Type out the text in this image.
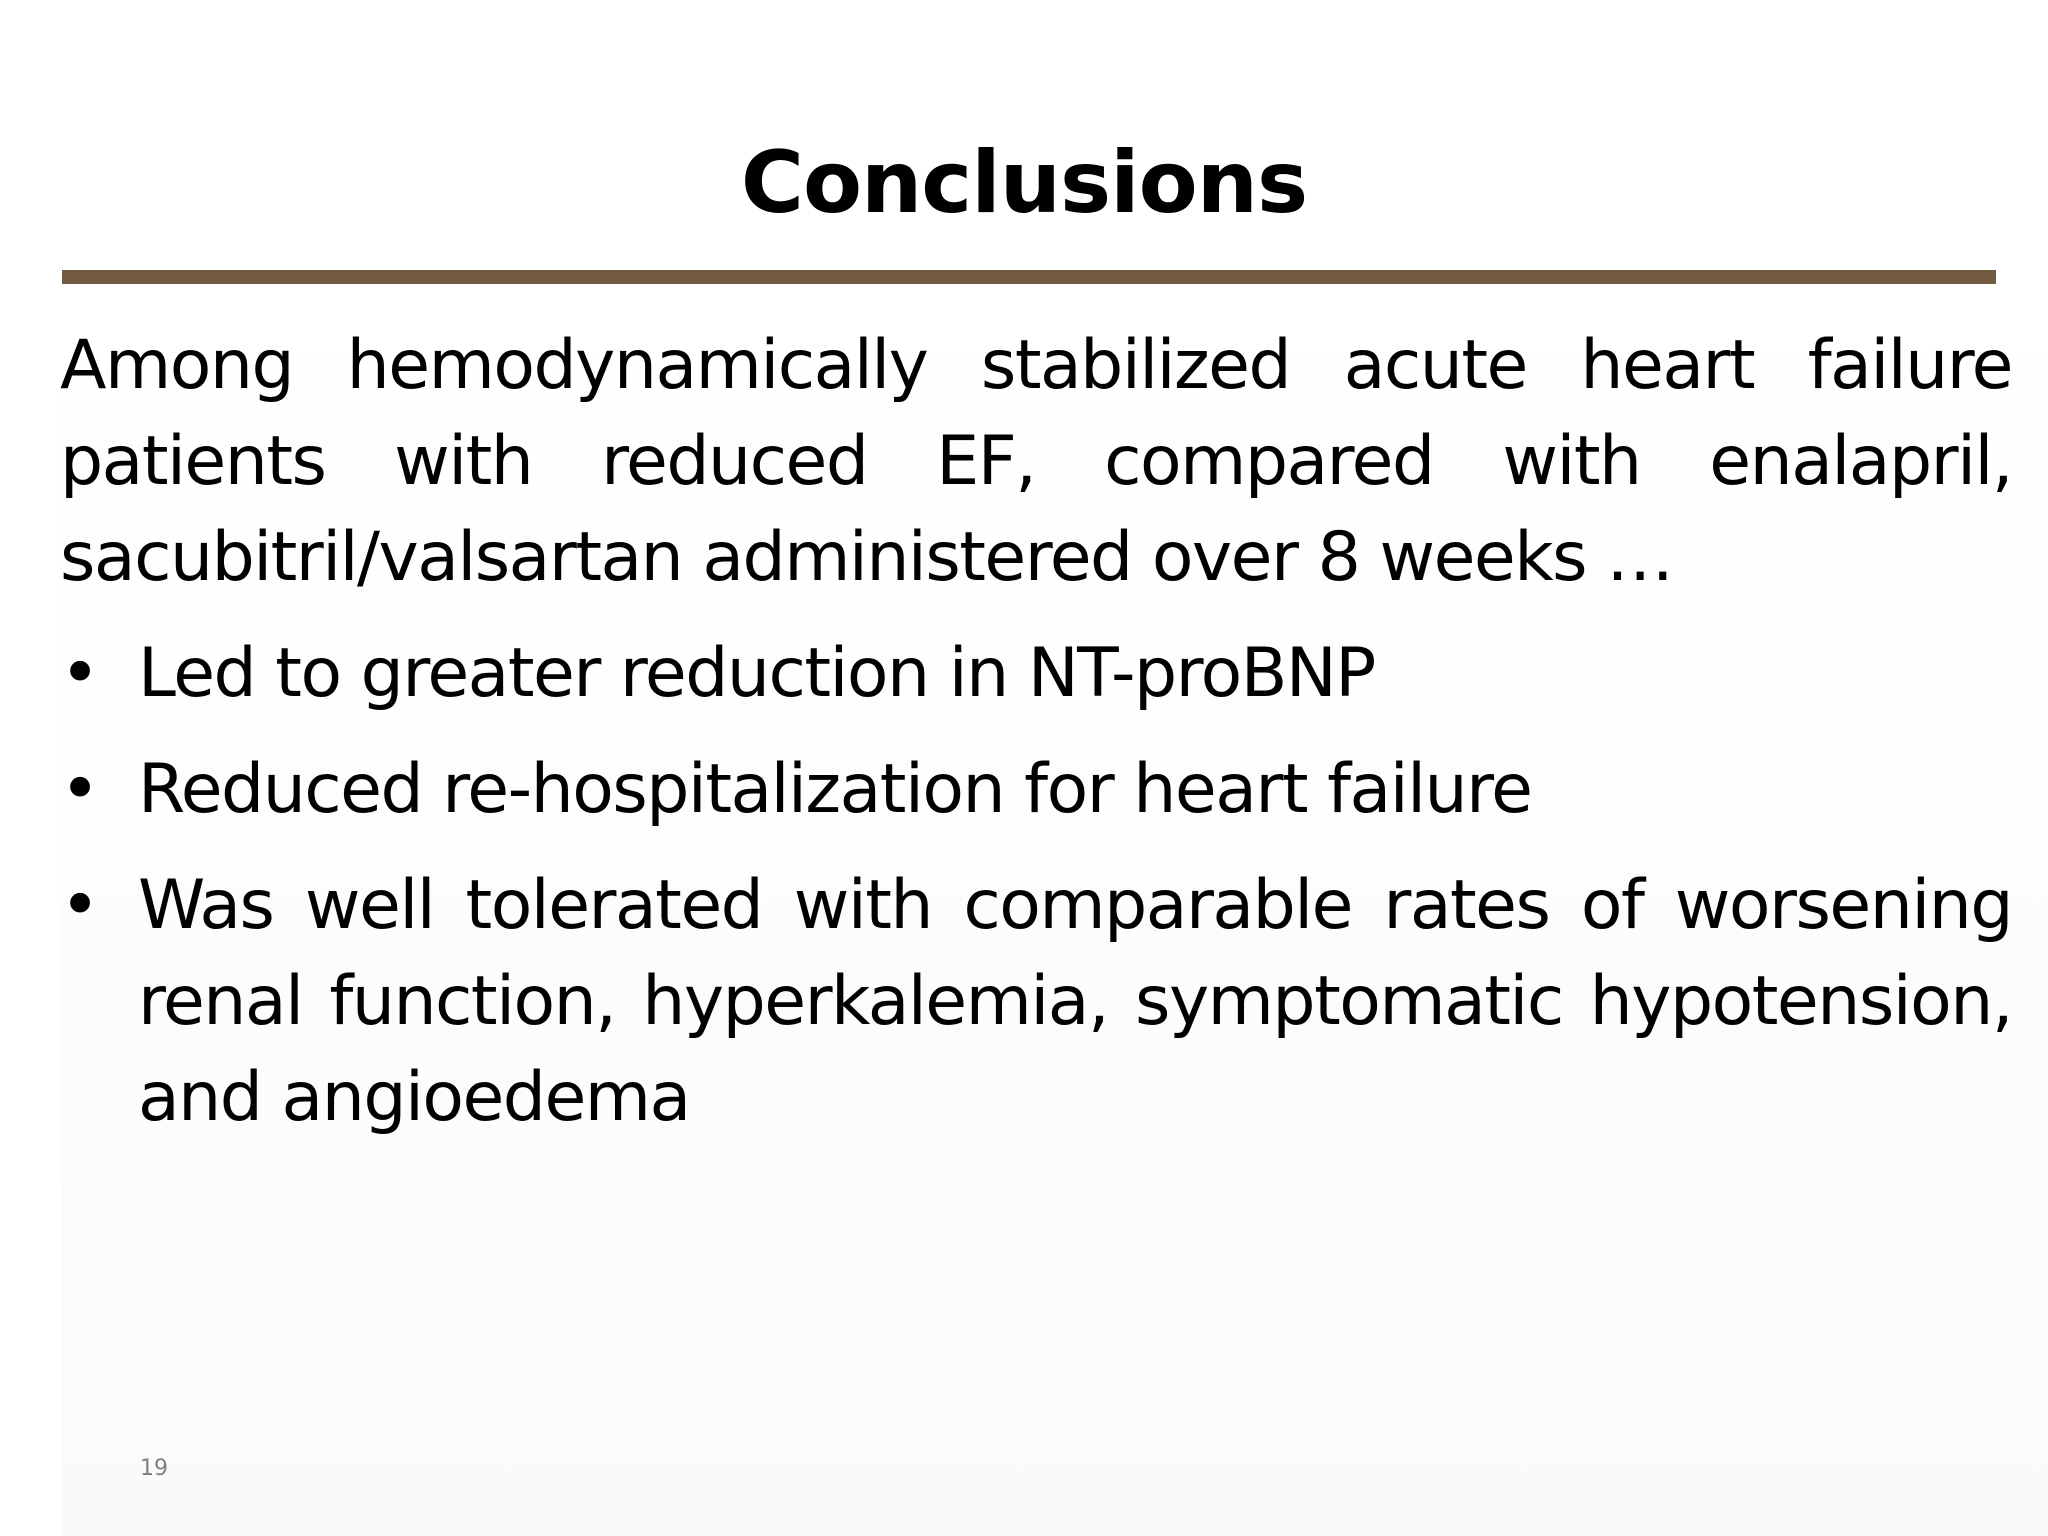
Conclusions

Among hemodynamically stabilized acute heart failure patients with reduced EF, compared with enalapril, sacubitril/valsartan administered over 8 weeks …

• Led to greater reduction in NT-proBNP
• Reduced re-hospitalization for heart failure
• Was well tolerated with comparable rates of worsening renal function, hyperkalemia, symptomatic hypotension, and angioedema
19
